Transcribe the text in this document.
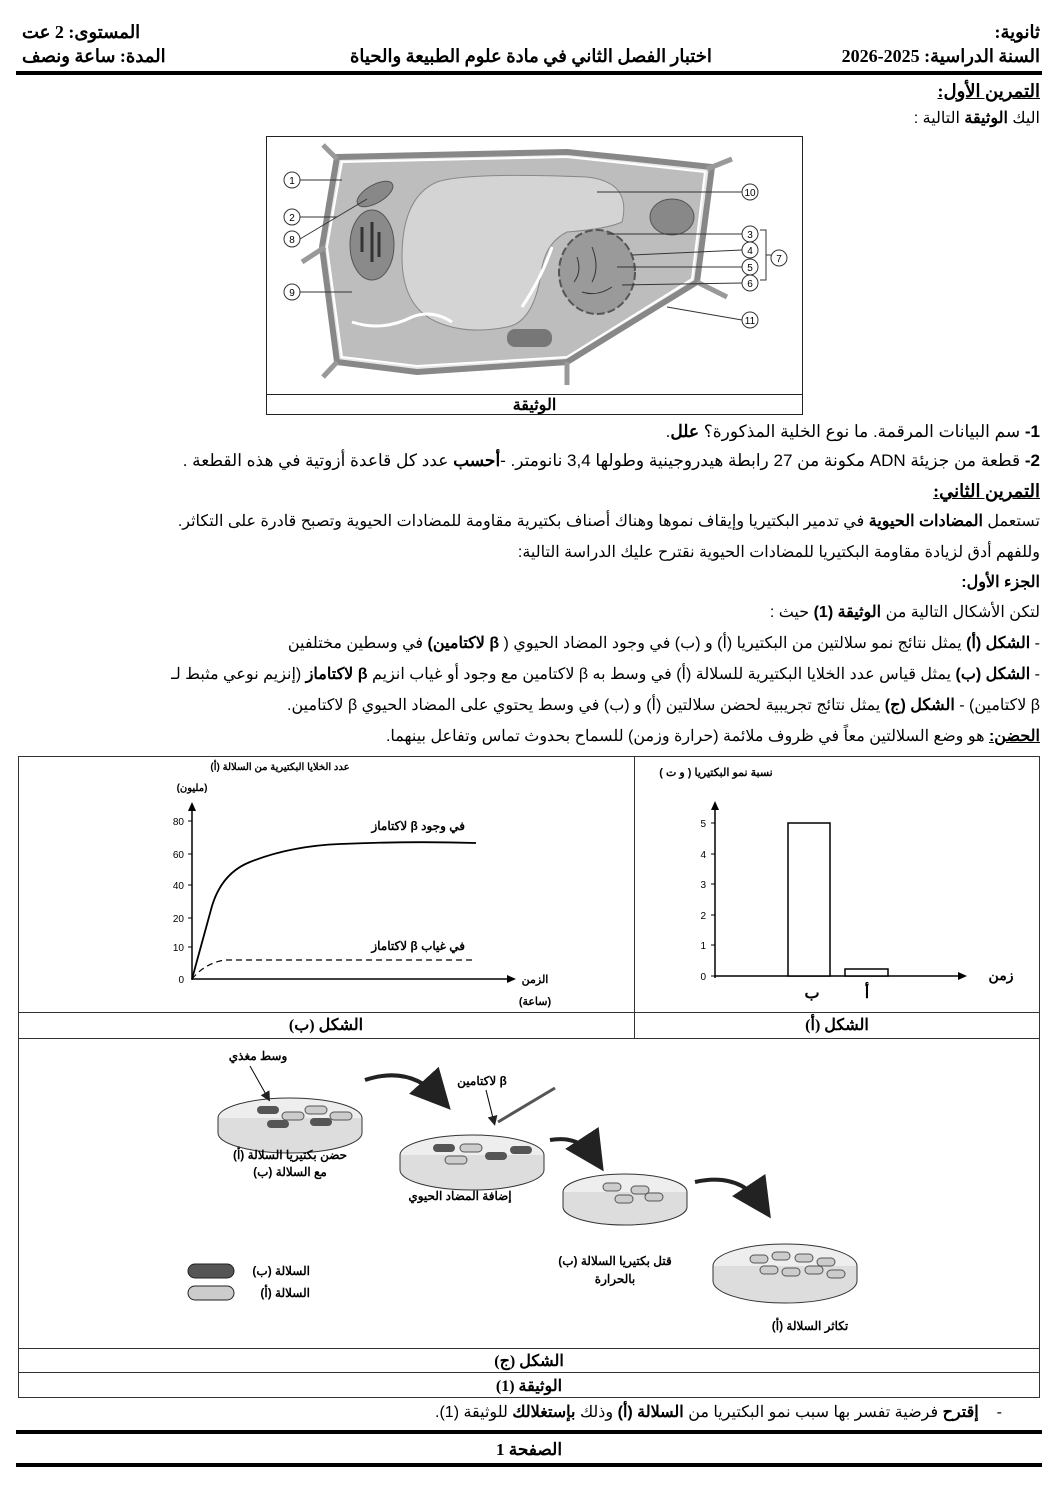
ثانوية:
السنة الدراسية: 2025-2026
اختبار الفصل الثاني في مادة علوم الطبيعة والحياة
المستوى: 2 عت
المدة: ساعة ونصف
التمرين الأول:
اليك الوثيقة التالية :
1
2
8
9
10
3
4
5
6
7
11
الوثيقة
1- سم البيانات المرقمة. ما نوع الخلية المذكورة؟ علل.
2- قطعة من جزيئة ADN مكونة من 27 رابطة هيدروجينية وطولها 3,4 نانومتر. -أحسب عدد كل قاعدة أزوتية في هذه القطعة .
التمرين الثاني:
تستعمل المضادات الحيوية في تدمير البكتيريا وإيقاف نموها وهناك أصناف بكتيرية مقاومة للمضادات الحيوية وتصبح قادرة على التكاثر.
وللفهم أدق لزيادة مقاومة البكتيريا للمضادات الحيوية نقترح عليك الدراسة التالية:
الجزء الأول:
لتكن الأشكال التالية من الوثيقة (1) حيث :
- الشكل (أ) يمثل نتائج نمو سلالتين من البكتيريا (أ) و (ب) في وجود المضاد الحيوي ( β لاكتامين) في وسطين مختلفين
- الشكل (ب) يمثل قياس عدد الخلايا البكتيرية للسلالة (أ) في وسط به β لاكتامين مع وجود أو غياب انزيم β لاكتاماز (إنزيم نوعي مثبط لـ
β لاكتامين) - الشكل (ج) يمثل نتائج تجريبية لحضن سلالتين (أ) و (ب) في وسط يحتوي على المضاد الحيوي β لاكتامين.
الحضن: هو وضع السلالتين معاً في ظروف ملائمة (حرارة وزمن) للسماح بحدوث تماس وتفاعل بينهما.
نسبة نمو البكتيريا ( و ت )
0
1
2
3
4
5
ب	أ
زمن
الشكل (أ)
عدد الخلايا البكتيرية من السلالة (أ)
(مليون)
0
10
20
40
60
80	في وجود β لاكتاماز
في غياب β لاكتاماز
الزمن
(ساعة)
الشكل (ب)
وسط مغذي
حضن بكتيريا السلالة (أ)
مع السلالة (ب)
β لاكتامين
إضافة المضاد الحيوي
قتل بكتيريا السلالة (ب)
بالحرارة
تكاثر السلالة (أ)
السلالة (ب)
السلالة (أ)
الشكل (ج)
الوثيقة (1)
-إقترح فرضية تفسر بها سبب نمو البكتيريا من السلالة (أ) وذلك بإستغلالك للوثيقة (1).
الصفحة 1
